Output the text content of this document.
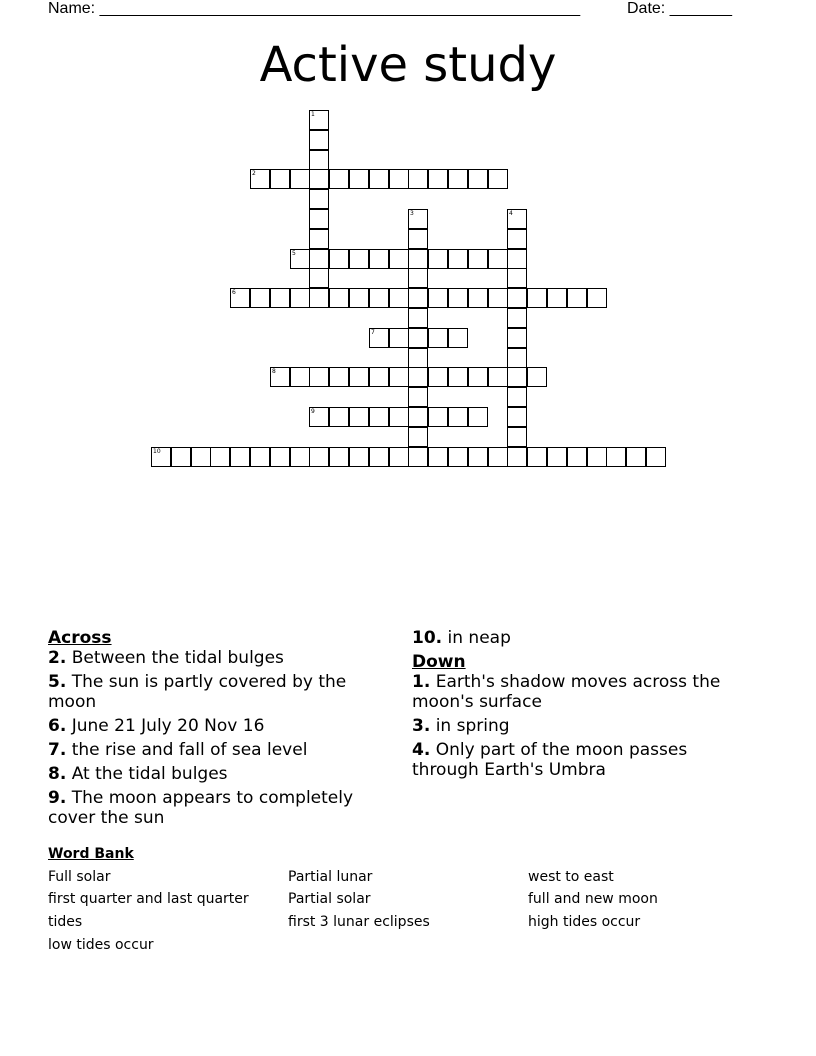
Name: ______________________________________________________	Date: _______
Active study
2
5
6
7
8
9
10
1
3	4

Across

2. Between the tidal bulges

5. The sun is partly covered by the moon

6. June 21 July 20 Nov 16

7. the rise and fall of sea level

8. At the tidal bulges

9. The moon appears to completely cover the sun

10. in neap

Down

1. Earth's shadow moves across the moon's surface

3. in spring

4. Only part of the moon passes through Earth's Umbra

Word Bank
Full solar	Partial lunar	west to east
first quarter and last quarter	Partial solar	full and new moon
tides	first 3 lunar eclipses	high tides occur
low tides occur
